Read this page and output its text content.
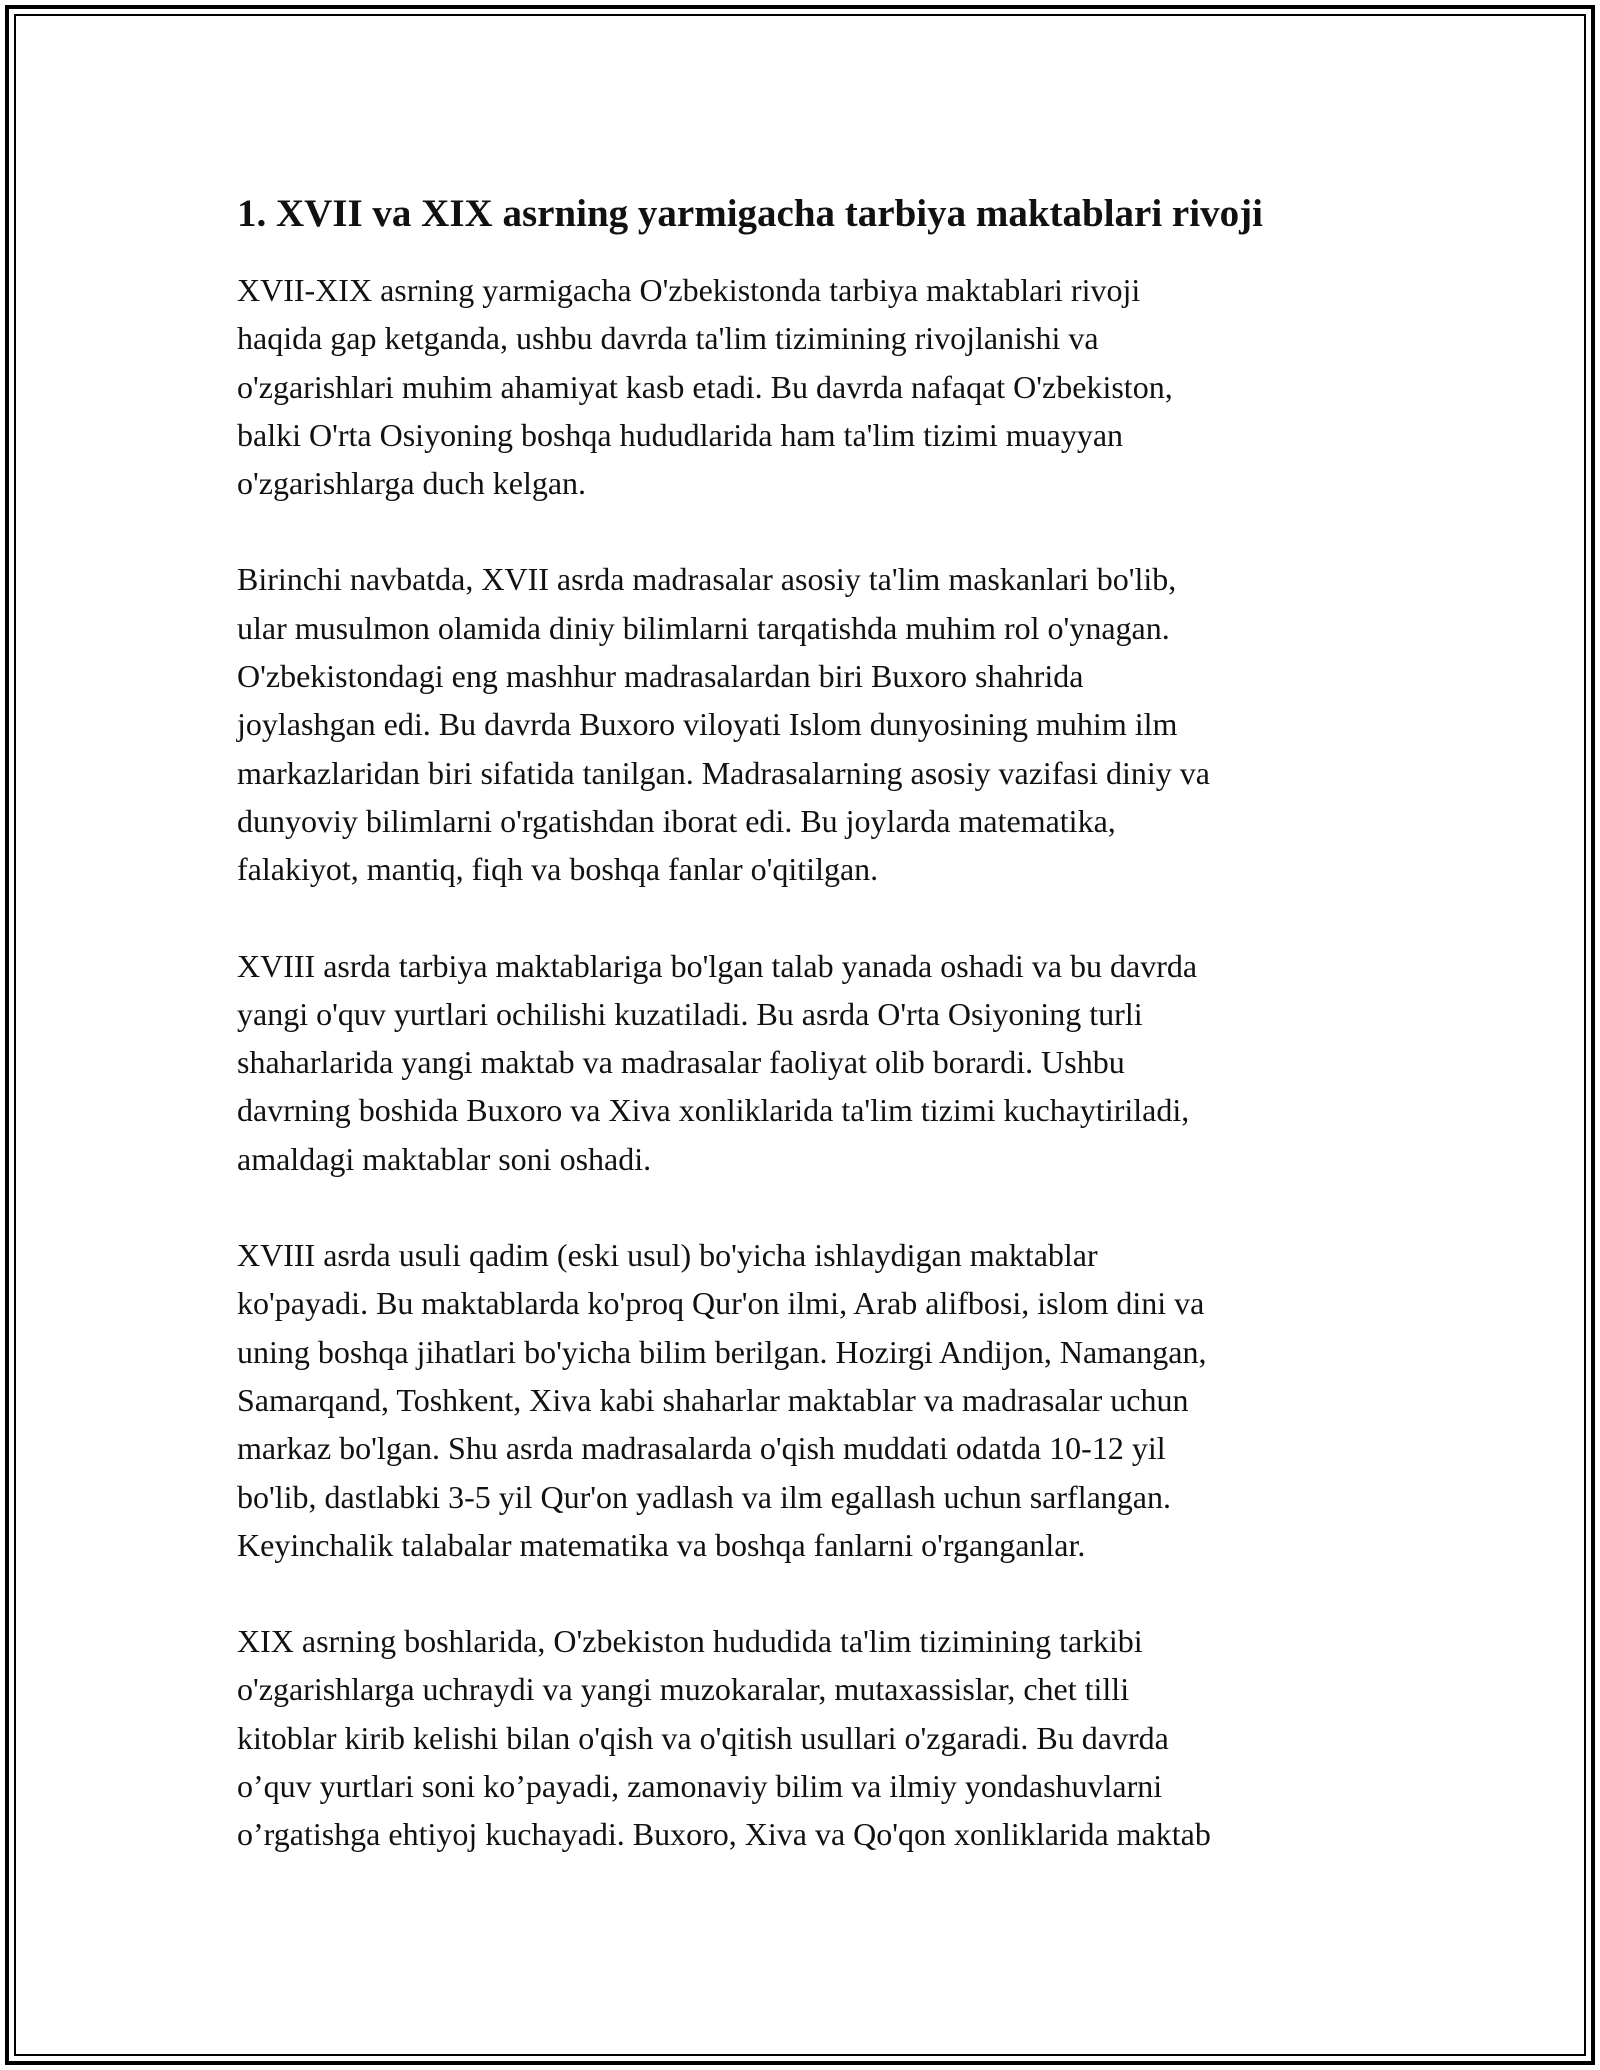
1. XVII va XIX asrning yarmigacha tarbiya maktablari rivoji

XVII-XIX asrning yarmigacha O'zbekistonda tarbiya maktablari rivoji
haqida gap ketganda, ushbu davrda ta'lim tizimining rivojlanishi va
o'zgarishlari muhim ahamiyat kasb etadi. Bu davrda nafaqat O'zbekiston,
balki O'rta Osiyoning boshqa hududlarida ham ta'lim tizimi muayyan
o'zgarishlarga duch kelgan.

Birinchi navbatda, XVII asrda madrasalar asosiy ta'lim maskanlari bo'lib,
ular musulmon olamida diniy bilimlarni tarqatishda muhim rol o'ynagan.
O'zbekistondagi eng mashhur madrasalardan biri Buxoro shahrida
joylashgan edi. Bu davrda Buxoro viloyati Islom dunyosining muhim ilm
markazlaridan biri sifatida tanilgan. Madrasalarning asosiy vazifasi diniy va
dunyoviy bilimlarni o'rgatishdan iborat edi. Bu joylarda matematika,
falakiyot, mantiq, fiqh va boshqa fanlar o'qitilgan.

XVIII asrda tarbiya maktablariga bo'lgan talab yanada oshadi va bu davrda
yangi o'quv yurtlari ochilishi kuzatiladi. Bu asrda O'rta Osiyoning turli
shaharlarida yangi maktab va madrasalar faoliyat olib borardi. Ushbu
davrning boshida Buxoro va Xiva xonliklarida ta'lim tizimi kuchaytiriladi,
amaldagi maktablar soni oshadi.

XVIII asrda usuli qadim (eski usul) bo'yicha ishlaydigan maktablar
ko'payadi. Bu maktablarda ko'proq Qur'on ilmi, Arab alifbosi, islom dini va
uning boshqa jihatlari bo'yicha bilim berilgan. Hozirgi Andijon, Namangan,
Samarqand, Toshkent, Xiva kabi shaharlar maktablar va madrasalar uchun
markaz bo'lgan. Shu asrda madrasalarda o'qish muddati odatda 10-12 yil
bo'lib, dastlabki 3-5 yil Qur'on yadlash va ilm egallash uchun sarflangan.
Keyinchalik talabalar matematika va boshqa fanlarni o'rganganlar.

XIX asrning boshlarida, O'zbekiston hududida ta'lim tizimining tarkibi
o'zgarishlarga uchraydi va yangi muzokaralar, mutaxassislar, chet tilli
kitoblar kirib kelishi bilan o'qish va o'qitish usullari o'zgaradi. Bu davrda
o’quv yurtlari soni ko’payadi, zamonaviy bilim va ilmiy yondashuvlarni
o’rgatishga ehtiyoj kuchayadi. Buxoro, Xiva va Qo'qon xonliklarida maktab
